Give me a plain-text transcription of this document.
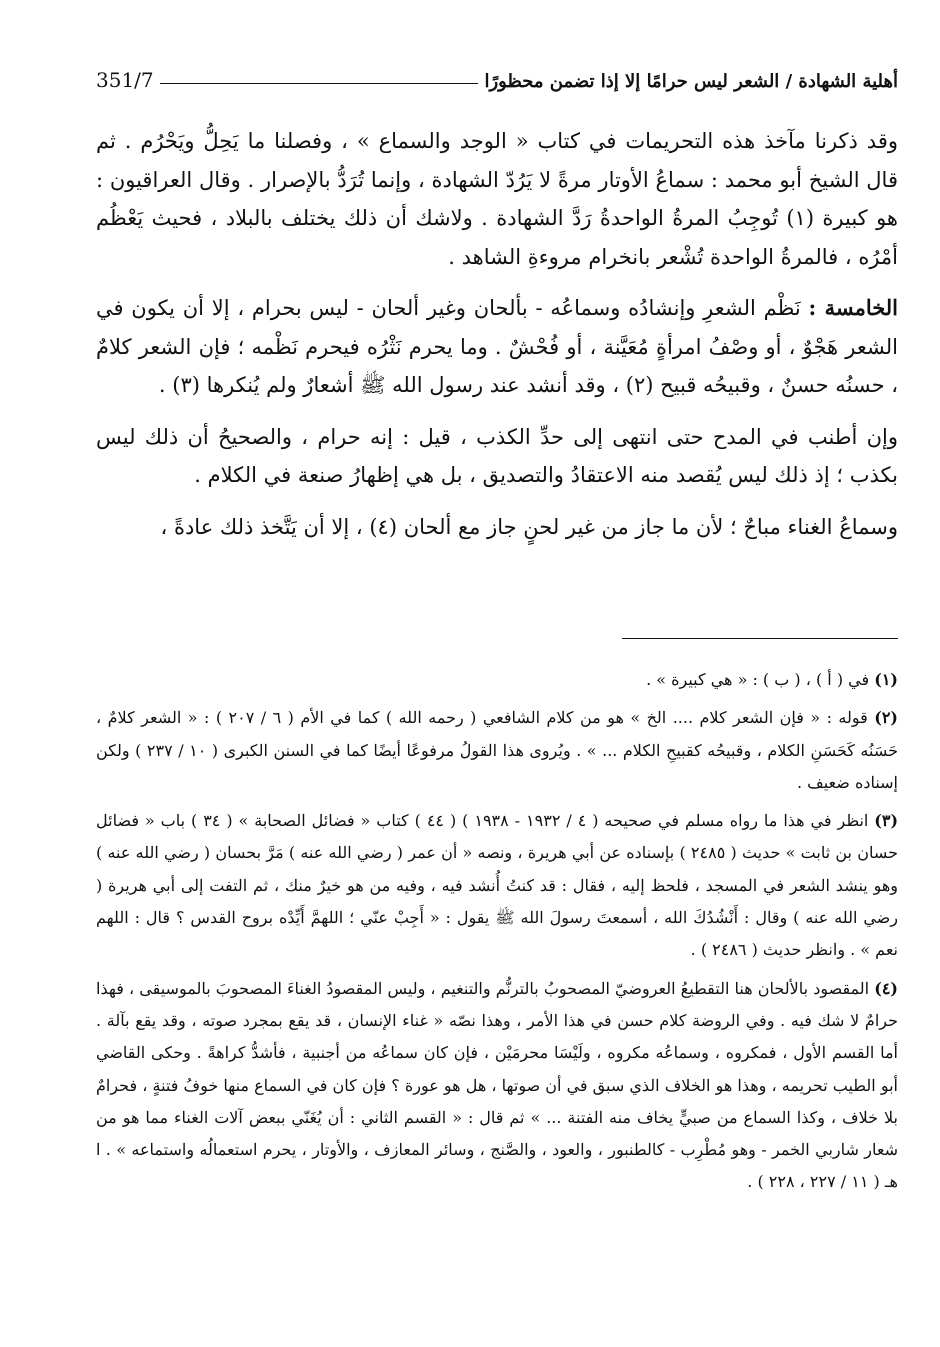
أهلية الشهادة / الشعر ليس حرامًا إلا إذا تضمن محظورًا
351/7

وقد ذكرنا مآخذ هذه التحريمات في كتاب « الوجد والسماع » ، وفصلنا ما يَحِلُّ ويَحْرُم . ثم قال الشيخ أبو محمد : سماعُ الأوتار مرةً لا يَرُدّ الشهادة ، وإنما تُرَدُّ بالإصرار . وقال العراقيون : هو كبيرة (١) تُوجِبُ المرةُ الواحدةُ رَدَّ الشهادة . ولاشك أن ذلك يختلف بالبلاد ، فحيث يَعْظُم أمْرُه ، فالمرةُ الواحدة تُشْعر بانخرام مروءةِ الشاهد .

الخامسة : نَظْم الشعرِ وإنشادُه وسماعُه - بألحان وغير ألحان - ليس بحرام ، إلا أن يكون في الشعر هَجْوٌ ، أو وصْفُ امرأةٍ مُعَيَّنة ، أو فُحْشٌ . وما يحرم نَثْرُه فيحرم نَظْمه ؛ فإن الشعر كلامٌ ، حسنُه حسنٌ ، وقبيحُه قبيح (٢) ، وقد أنشد عند رسول الله ﷺ أشعارٌ ولم يُنكرها (٣) .

وإن أطنب في المدح حتى انتهى إلى حدِّ الكذب ، قيل : إنه حرام ، والصحيحُ أن ذلك ليس بكذب ؛ إذ ذلك ليس يُقصد منه الاعتقادُ والتصديق ، بل هي إظهارُ صنعة في الكلام .

وسماعُ الغناء مباحٌ ؛ لأن ما جاز من غير لحنٍ جاز مع ألحان (٤) ، إلا أن يَتَّخذ ذلك عادةً ،

(١) في ( أ ) ، ( ب ) : « هي كبيرة » .

(٢) قوله : « فإن الشعر كلام .... الخ » هو من كلام الشافعي ( رحمه الله ) كما في الأم ( ٦ / ٢٠٧ ) : « الشعر كلامٌ ، حَسَنُه كَحَسَنِ الكلام ، وقبيحُه كقبيحِ الكلام ... » . ويُروى هذا القولُ مرفوعًا أيضًا كما في السنن الكبرى ( ١٠ / ٢٣٧ ) ولكن إسناده ضعيف .

(٣) انظر في هذا ما رواه مسلم في صحيحه ( ٤ / ١٩٣٢ - ١٩٣٨ ) ( ٤٤ ) كتاب « فضائل الصحابة » ( ٣٤ ) باب « فضائل حسان بن ثابت » حديث ( ٢٤٨٥ ) بإسناده عن أبي هريرة ، ونصه « أن عمر ( رضي الله عنه ) مَرَّ بحسان ( رضي الله عنه ) وهو ينشد الشعر في المسجد ، فلحظ إليه ، فقال : قد كنتُ أُنشد فيه ، وفيه من هو خيرٌ منك ، ثم التفت إلى أبي هريرة ( رضي الله عنه ) وقال : أَنْشُدُكَ الله ، أسمعتَ رسولَ الله ﷺ يقول : « أَجِبْ عنّي ؛ اللهمَّ أَيِّدْه بروح القدس ؟ قال : اللهم نعم » . وانظر حديث ( ٢٤٨٦ ) .

(٤) المقصود بالألحان هنا التقطيعُ العروضيّ المصحوبُ بالترنُّم والتنغيم ، وليس المقصودُ الغناءَ المصحوبَ بالموسيقى ، فهذا حرامٌ لا شك فيه . وفي الروضة كلام حسن في هذا الأمر ، وهذا نصّه « غناء الإنسان ، قد يقع بمجرد صوته ، وقد يقع بآلة . أما القسم الأول ، فمكروه ، وسماعُه مكروه ، ولَيْسَا محرمَيْن ، فإن كان سماعُه من أجنبية ، فأشدُّ كراهةً . وحكى القاضي أبو الطيب تحريمه ، وهذا هو الخلاف الذي سبق في أن صوتها ، هل هو عورة ؟ فإن كان في السماع منها خوفُ فتنةٍ ، فحرامٌ بلا خلاف ، وكذا السماع من صبيٍّ يخاف منه الفتنة ... » ثم قال : « القسم الثاني : أن يُغَنّي ببعض آلات الغناء مما هو من شعار شاربي الخمر - وهو مُطْرِب - كالطنبور ، والعود ، والصَّنج ، وسائر المعازف ، والأوتار ، يحرم استعمالُه واستماعه » . ا هـ ( ١١ / ٢٢٧ ، ٢٢٨ ) .
